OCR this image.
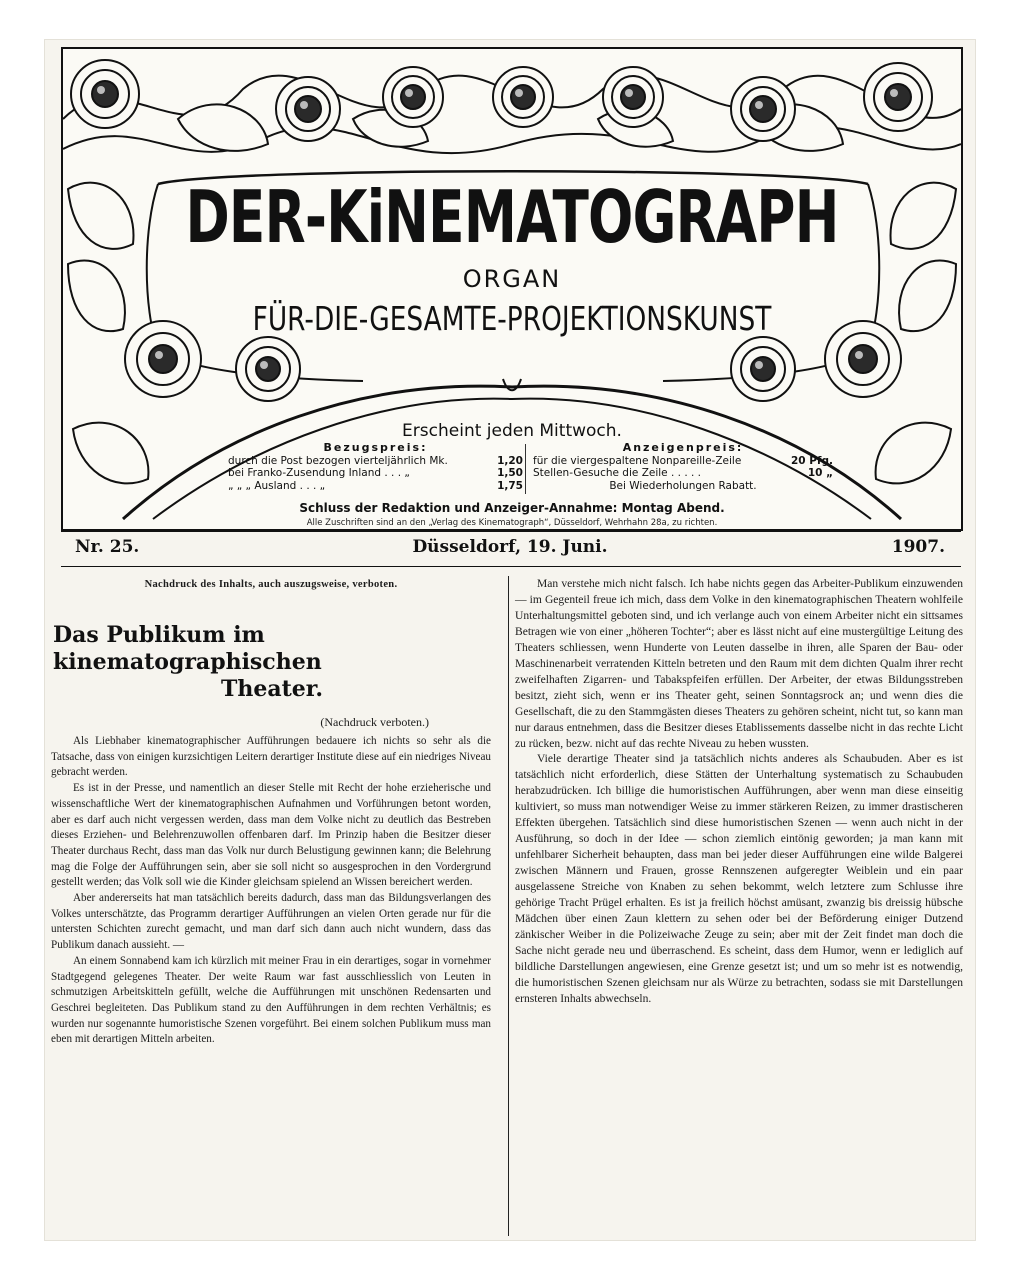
DER-KiNEMATOGRAPH
ORGAN
FÜR-DIE-GESAMTE-PROJEKTIONSKUNST
Erscheint jeden Mittwoch.
Bezugspreis:
durch die Post bezogen vierteljährlich Mk.	1,20
bei Franko-Zusendung Inland . . . „	1,50
„ „ „ Ausland . . . „	1,75
Anzeigenpreis:
für die viergespaltene Nonpareille-Zeile	20 Pfg.
Stellen-Gesuche die Zeile . . . . .	10 „
Bei Wiederholungen Rabatt.
Schluss der Redaktion und Anzeiger-Annahme: Montag Abend.
Alle Zuschriften sind an den „Verlag des Kinematograph“, Düsseldorf, Wehrhahn 28a, zu richten.
Nr. 25.	Düsseldorf, 19. Juni.	1907.
Nachdruck des Inhalts, auch auszugsweise, verboten.
Das Publikum im kinematographischen
Theater.
(Nachdruck verboten.)

Als Liebhaber kinematographischer Aufführungen bedauere ich nichts so sehr als die Tatsache, dass von einigen kurzsichtigen Leitern derartiger Institute diese auf ein niedriges Niveau gebracht werden.

Es ist in der Presse, und namentlich an dieser Stelle mit Recht der hohe erzieherische und wissenschaftliche Wert der kinematographischen Aufnahmen und Vorführungen betont worden, aber es darf auch nicht vergessen werden, dass man dem Volke nicht zu deutlich das Bestreben dieses Erziehen- und Belehrenzuwollen offenbaren darf. Im Prinzip haben die Besitzer dieser Theater durchaus Recht, dass man das Volk nur durch Belustigung gewinnen kann; die Belehrung mag die Folge der Aufführungen sein, aber sie soll nicht so ausgesprochen in den Vordergrund gestellt werden; das Volk soll wie die Kinder gleichsam spielend an Wissen bereichert werden.

Aber andererseits hat man tatsächlich bereits dadurch, dass man das Bildungsverlangen des Volkes unterschätzte, das Programm derartiger Aufführungen an vielen Orten gerade nur für die untersten Schichten zurecht gemacht, und man darf sich dann auch nicht wundern, dass das Publikum danach aussieht. —

An einem Sonnabend kam ich kürzlich mit meiner Frau in ein derartiges, sogar in vornehmer Stadtgegend gelegenes Theater. Der weite Raum war fast ausschliesslich von Leuten in schmutzigen Arbeitskitteln gefüllt, welche die Aufführungen mit unschönen Redensarten und Geschrei begleiteten. Das Publikum stand zu den Aufführungen in dem rechten Verhältnis; es wurden nur sogenannte humoristische Szenen vorgeführt. Bei einem solchen Publikum muss man eben mit derartigen Mitteln arbeiten.

Man verstehe mich nicht falsch. Ich habe nichts gegen das Arbeiter-Publikum einzuwenden — im Gegenteil freue ich mich, dass dem Volke in den kinematographischen Theatern wohlfeile Unterhaltungsmittel geboten sind, und ich verlange auch von einem Arbeiter nicht ein sittsames Betragen wie von einer „höheren Tochter“; aber es lässt nicht auf eine mustergültige Leitung des Theaters schliessen, wenn Hunderte von Leuten dasselbe in ihren, alle Sparen der Bau- oder Maschinenarbeit verratenden Kitteln betreten und den Raum mit dem dichten Qualm ihrer recht zweifelhaften Zigarren- und Tabakspfeifen erfüllen. Der Arbeiter, der etwas Bildungsstreben besitzt, zieht sich, wenn er ins Theater geht, seinen Sonntagsrock an; und wenn dies die Gesellschaft, die zu den Stammgästen dieses Theaters zu gehören scheint, nicht tut, so kann man nur daraus entnehmen, dass die Besitzer dieses Etablissements dasselbe nicht in das rechte Licht zu rücken, bezw. nicht auf das rechte Niveau zu heben wussten.

Viele derartige Theater sind ja tatsächlich nichts anderes als Schaubuden. Aber es ist tatsächlich nicht erforderlich, diese Stätten der Unterhaltung systematisch zu Schaubuden herabzudrücken. Ich billige die humoristischen Aufführungen, aber wenn man diese einseitig kultiviert, so muss man notwendiger Weise zu immer stärkeren Reizen, zu immer drastischeren Effekten übergehen. Tatsächlich sind diese humoristischen Szenen — wenn auch nicht in der Ausführung, so doch in der Idee — schon ziemlich eintönig geworden; ja man kann mit unfehlbarer Sicherheit behaupten, dass man bei jeder dieser Aufführungen eine wilde Balgerei zwischen Männern und Frauen, grosse Rennszenen aufgeregter Weiblein und ein paar ausgelassene Streiche von Knaben zu sehen bekommt, welch letztere zum Schlusse ihre gehörige Tracht Prügel erhalten. Es ist ja freilich höchst amüsant, zwanzig bis dreissig hübsche Mädchen über einen Zaun klettern zu sehen oder bei der Beförderung einiger Dutzend zänkischer Weiber in die Polizeiwache Zeuge zu sein; aber mit der Zeit findet man doch die Sache nicht gerade neu und überraschend. Es scheint, dass dem Humor, wenn er lediglich auf bildliche Darstellungen angewiesen, eine Grenze gesetzt ist; und um so mehr ist es notwendig, die humoristischen Szenen gleichsam nur als Würze zu betrachten, sodass sie mit Darstellungen ernsteren Inhalts abwechseln.
